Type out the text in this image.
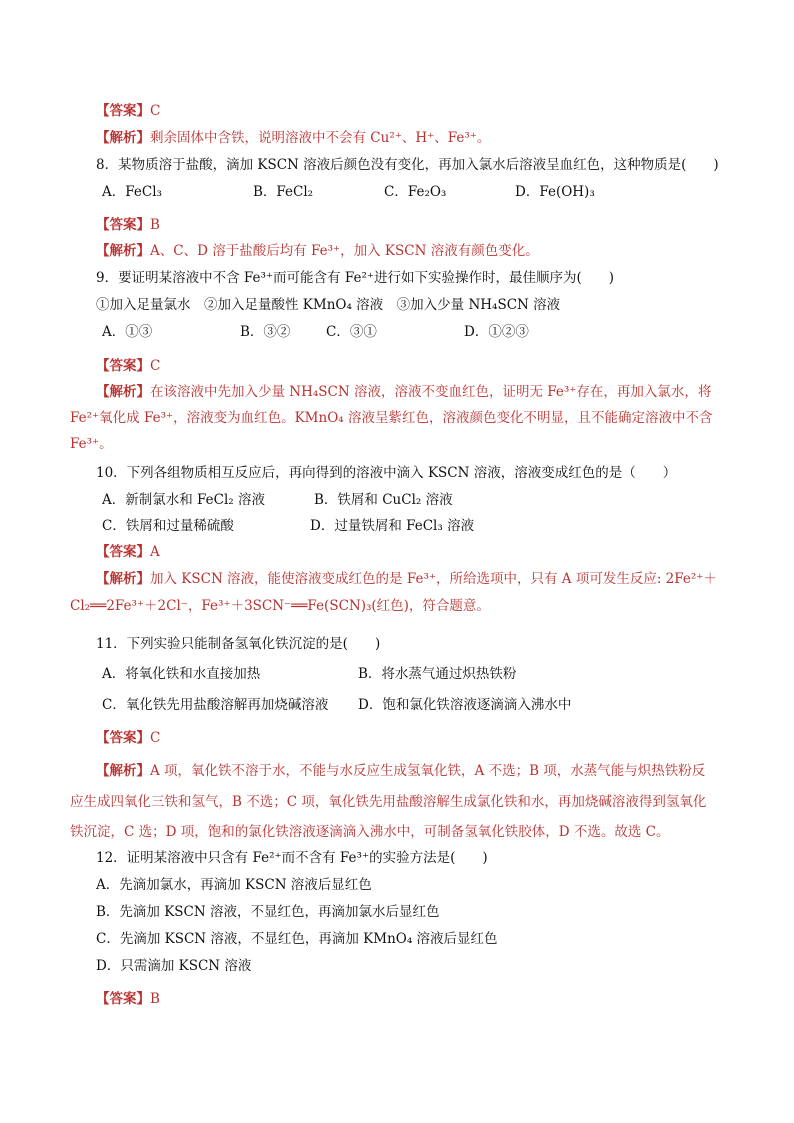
【答案】C
【解析】剩余固体中含铁，说明溶液中不会有 Cu²⁺、H⁺、Fe³⁺。
8．某物质溶于盐酸，滴加 KSCN 溶液后颜色没有变化，再加入氯水后溶液呈血红色，这种物质是(　　)
A．FeCl₃	B．FeCl₂	C．Fe₂O₃	D．Fe(OH)₃
【答案】B
【解析】A、C、D 溶于盐酸后均有 Fe³⁺，加入 KSCN 溶液有颜色变化。
9．要证明某溶液中不含 Fe³⁺而可能含有 Fe²⁺进行如下实验操作时，最佳顺序为(　　)
①加入足量氯水　②加入足量酸性 KMnO₄ 溶液　③加入少量 NH₄SCN 溶液
A．①③	B．③②	C．③①	D．①②③
【答案】C
【解析】在该溶液中先加入少量 NH₄SCN 溶液，溶液不变血红色，证明无 Fe³⁺存在，再加入氯水，将
Fe²⁺氧化成 Fe³⁺，溶液变为血红色。KMnO₄ 溶液呈紫红色，溶液颜色变化不明显，且不能确定溶液中不含
Fe³⁺。
10．下列各组物质相互反应后，再向得到的溶液中滴入 KSCN 溶液，溶液变成红色的是（　　）
A．新制氯水和 FeCl₂ 溶液	B．铁屑和 CuCl₂ 溶液
C．铁屑和过量稀硫酸	D．过量铁屑和 FeCl₃ 溶液
【答案】A
【解析】加入 KSCN 溶液，能使溶液变成红色的是 Fe³⁺，所给选项中，只有 A 项可发生反应: 2Fe²⁺＋
Cl₂══2Fe³⁺＋2Cl⁻，Fe³⁺＋3SCN⁻══Fe(SCN)₃(红色)，符合题意。
11．下列实验只能制备氢氧化铁沉淀的是(　　)
A．将氧化铁和水直接加热	B．将水蒸气通过炽热铁粉
C．氧化铁先用盐酸溶解再加烧碱溶液 D．饱和氯化铁溶液逐滴滴入沸水中
【答案】C
【解析】A 项，氧化铁不溶于水，不能与水反应生成氢氧化铁，A 不选；B 项，水蒸气能与炽热铁粉反
应生成四氧化三铁和氢气，B 不选；C 项，氧化铁先用盐酸溶解生成氯化铁和水，再加烧碱溶液得到氢氧化
铁沉淀，C 选；D 项，饱和的氯化铁溶液逐滴滴入沸水中，可制备氢氧化铁胶体，D 不选。故选 C。
12．证明某溶液中只含有 Fe²⁺而不含有 Fe³⁺的实验方法是(　　)
A．先滴加氯水，再滴加 KSCN 溶液后显红色
B．先滴加 KSCN 溶液，不显红色，再滴加氯水后显红色
C．先滴加 KSCN 溶液，不显红色，再滴加 KMnO₄ 溶液后显红色
D．只需滴加 KSCN 溶液
【答案】B
